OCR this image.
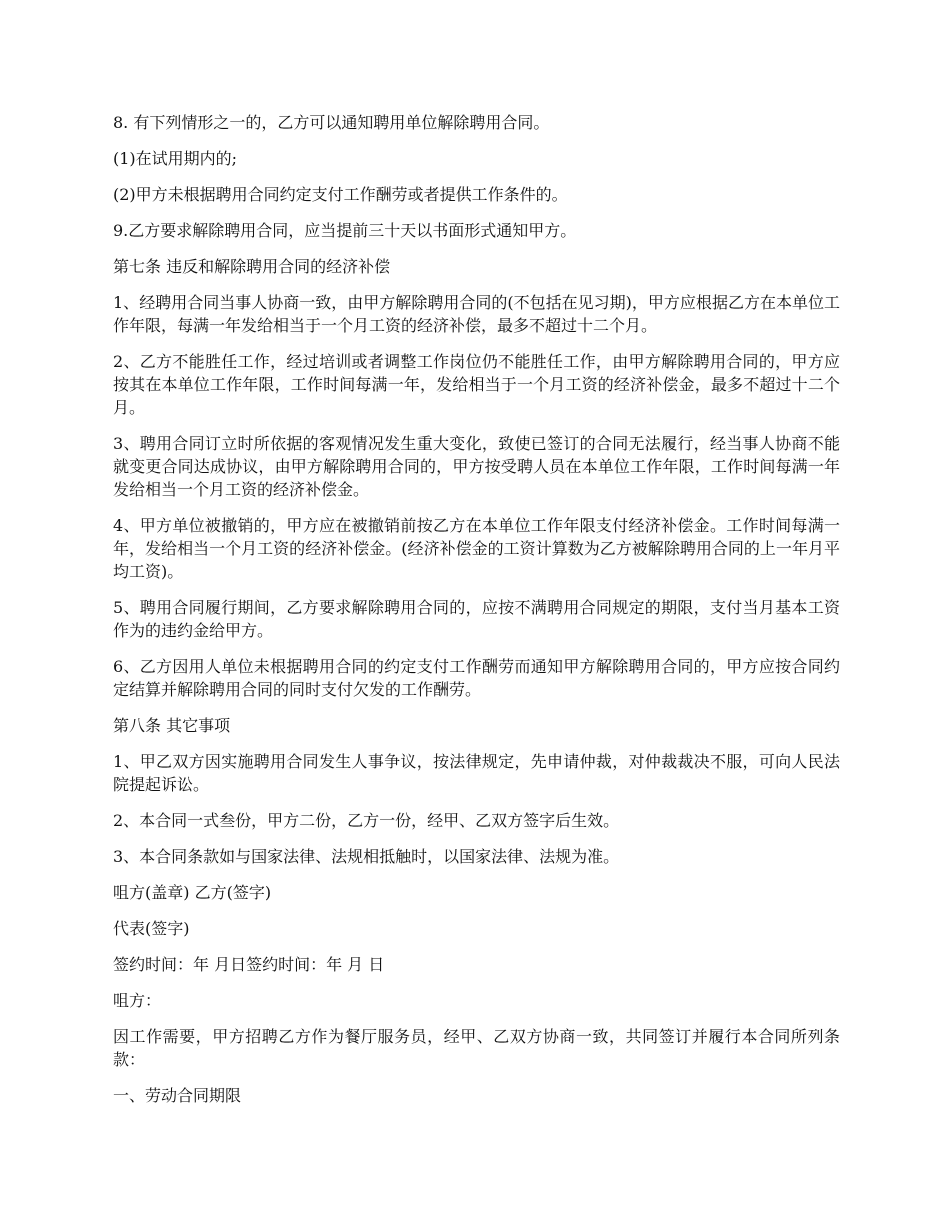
8. 有下列情形之一的，乙方可以通知聘用单位解除聘用合同。

(1)在试用期内的;

(2)甲方未根据聘用合同约定支付工作酬劳或者提供工作条件的。

9.乙方要求解除聘用合同，应当提前三十天以书面形式通知甲方。

第七条 违反和解除聘用合同的经济补偿

1、经聘用合同当事人协商一致，由甲方解除聘用合同的(不包括在见习期)，甲方应根据乙方在本单位工作年限，每满一年发给相当于一个月工资的经济补偿，最多不超过十二个月。

2、乙方不能胜任工作，经过培训或者调整工作岗位仍不能胜任工作，由甲方解除聘用合同的，甲方应按其在本单位工作年限，工作时间每满一年，发给相当于一个月工资的经济补偿金，最多不超过十二个月。

3、聘用合同订立时所依据的客观情况发生重大变化，致使已签订的合同无法履行，经当事人协商不能就变更合同达成协议，由甲方解除聘用合同的，甲方按受聘人员在本单位工作年限，工作时间每满一年发给相当一个月工资的经济补偿金。

4、甲方单位被撤销的，甲方应在被撤销前按乙方在本单位工作年限支付经济补偿金。工作时间每满一年，发给相当一个月工资的经济补偿金。(经济补偿金的工资计算数为乙方被解除聘用合同的上一年月平均工资)。

5、聘用合同履行期间，乙方要求解除聘用合同的，应按不满聘用合同规定的期限，支付当月基本工资作为的违约金给甲方。

6、乙方因用人单位未根据聘用合同的约定支付工作酬劳而通知甲方解除聘用合同的，甲方应按合同约定结算并解除聘用合同的同时支付欠发的工作酬劳。

第八条 其它事项

1、甲乙双方因实施聘用合同发生人事争议，按法律规定，先申请仲裁，对仲裁裁决不服，可向人民法院提起诉讼。

2、本合同一式叁份，甲方二份，乙方一份，经甲、乙双方签字后生效。

3、本合同条款如与国家法律、法规相抵触时，以国家法律、法规为准。

咀方(盖章) 乙方(签字)

代表(签字)

签约时间：年 月日签约时间：年 月 日

咀方：

因工作需要，甲方招聘乙方作为餐厅服务员，经甲、乙双方协商一致，共同签订并履行本合同所列条款：

一、劳动合同期限
